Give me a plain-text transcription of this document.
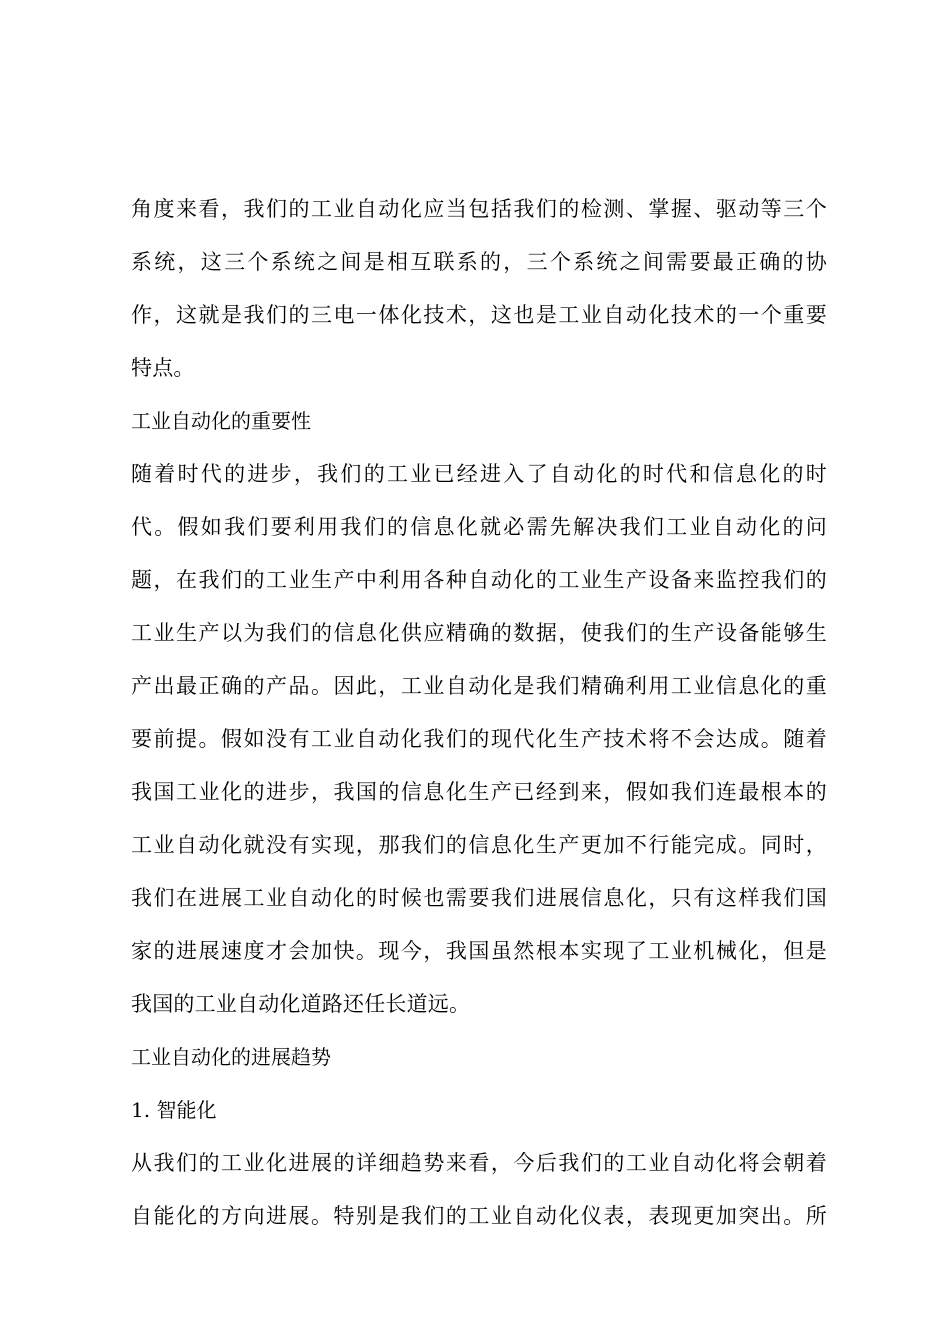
角度来看，我们的工业自动化应当包括我们的检测、掌握、驱动等三个
系统，这三个系统之间是相互联系的，三个系统之间需要最正确的协
作，这就是我们的三电一体化技术，这也是工业自动化技术的一个重要
特点。
工业自动化的重要性
随着时代的进步，我们的工业已经进入了自动化的时代和信息化的时
代。假如我们要利用我们的信息化就必需先解决我们工业自动化的问
题，在我们的工业生产中利用各种自动化的工业生产设备来监控我们的
工业生产以为我们的信息化供应精确的数据，使我们的生产设备能够生
产出最正确的产品。因此，工业自动化是我们精确利用工业信息化的重
要前提。假如没有工业自动化我们的现代化生产技术将不会达成。随着
我国工业化的进步，我国的信息化生产已经到来，假如我们连最根本的
工业自动化就没有实现，那我们的信息化生产更加不行能完成。同时，
我们在进展工业自动化的时候也需要我们进展信息化，只有这样我们国
家的进展速度才会加快。现今，我国虽然根本实现了工业机械化，但是
我国的工业自动化道路还任长道远。
工业自动化的进展趋势
1. 智能化
从我们的工业化进展的详细趋势来看，今后我们的工业自动化将会朝着
自能化的方向进展。特别是我们的工业自动化仪表，表现更加突出。所
